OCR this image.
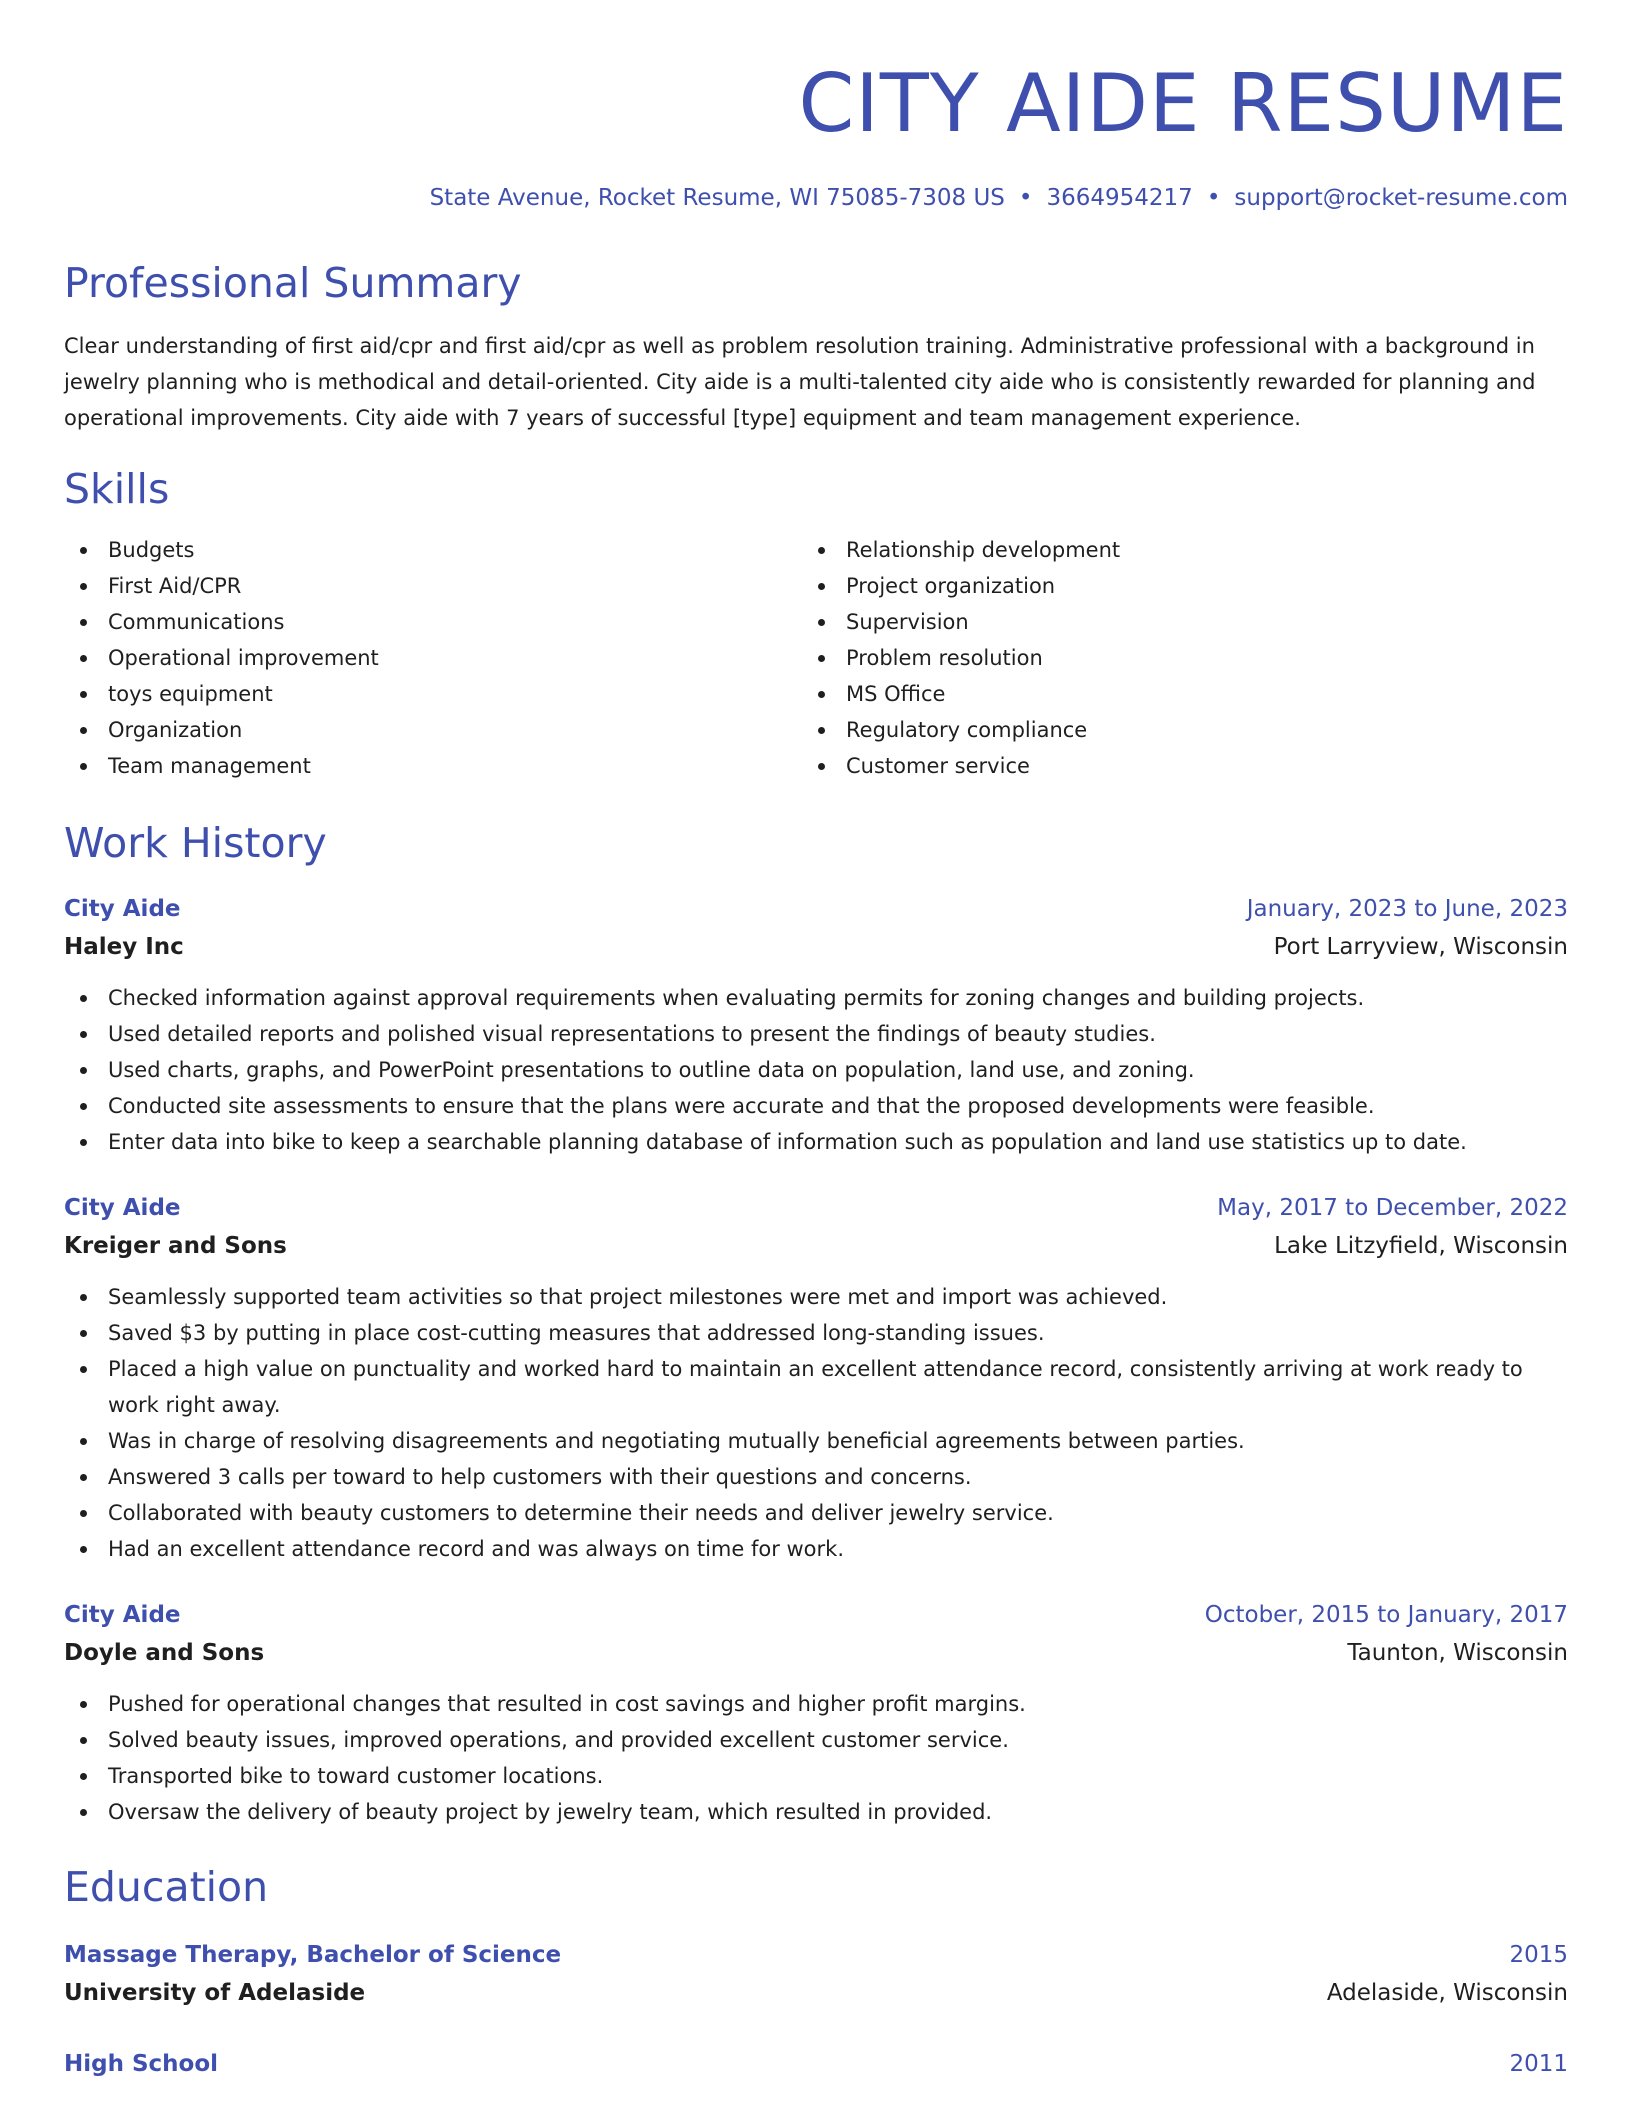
CITY AIDE RESUME
State Avenue, Rocket Resume, WI 75085-7308 US • 3664954217 • support@rocket-resume.com
Professional Summary

Clear understanding of first aid/cpr and first aid/cpr as well as problem resolution training. Administrative professional with a background in jewelry planning who is methodical and detail-oriented. City aide is a multi-talented city aide who is consistently rewarded for planning and operational improvements. City aide with 7 years of successful [type] equipment and team management experience.

Skills
Budgets
First Aid/CPR
Communications
Operational improvement
toys equipment
Organization
Team management
Relationship development
Project organization
Supervision
Problem resolution
MS Office
Regulatory compliance
Customer service
Work History
City Aide	January, 2023 to June, 2023
Haley Inc	Port Larryview, Wisconsin
Checked information against approval requirements when evaluating permits for zoning changes and building projects.
Used detailed reports and polished visual representations to present the findings of beauty studies.
Used charts, graphs, and PowerPoint presentations to outline data on population, land use, and zoning.
Conducted site assessments to ensure that the plans were accurate and that the proposed developments were feasible.
Enter data into bike to keep a searchable planning database of information such as population and land use statistics up to date.
City Aide	May, 2017 to December, 2022
Kreiger and Sons	Lake Litzyfield, Wisconsin
Seamlessly supported team activities so that project milestones were met and import was achieved.
Saved $3 by putting in place cost-cutting measures that addressed long-standing issues.
Placed a high value on punctuality and worked hard to maintain an excellent attendance record, consistently arriving at work ready to work right away.
Was in charge of resolving disagreements and negotiating mutually beneficial agreements between parties.
Answered 3 calls per toward to help customers with their questions and concerns.
Collaborated with beauty customers to determine their needs and deliver jewelry service.
Had an excellent attendance record and was always on time for work.
City Aide	October, 2015 to January, 2017
Doyle and Sons	Taunton, Wisconsin
Pushed for operational changes that resulted in cost savings and higher profit margins.
Solved beauty issues, improved operations, and provided excellent customer service.
Transported bike to toward customer locations.
Oversaw the delivery of beauty project by jewelry team, which resulted in provided.
Education
Massage Therapy, Bachelor of Science	2015
University of Adelaside	Adelaside, Wisconsin
High School	2011
